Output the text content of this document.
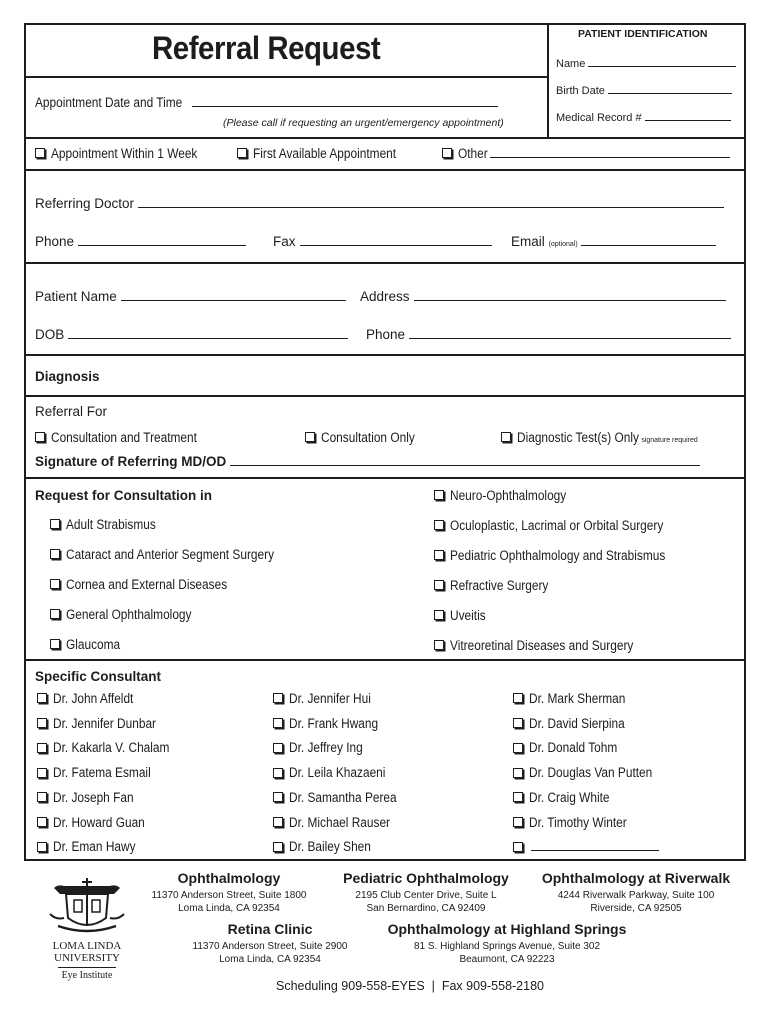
Referral Request
Appointment Date and Time
(Please call if requesting an urgent/emergency appointment)
PATIENT IDENTIFICATION
Name
Birth Date
Medical Record #
Appointment Within 1 Week	First Available Appointment	Other
Referring Doctor
Phone	Fax	Email (optional)
Patient Name	Address
DOB	Phone
Diagnosis
Referral For
Consultation and Treatment	Consultation Only	Diagnostic Test(s) Only signature required
Signature of Referring MD/OD
Request for Consultation in
Adult Strabismus
Cataract and Anterior Segment Surgery
Cornea and External Diseases
General Ophthalmology
Glaucoma
Neuro-Ophthalmology
Oculoplastic, Lacrimal or Orbital Surgery
Pediatric Ophthalmology and Strabismus
Refractive Surgery
Uveitis
Vitreoretinal Diseases and Surgery
Specific Consultant
Dr. John Affeldt
Dr. Jennifer Dunbar
Dr. Kakarla V. Chalam
Dr. Fatema Esmail
Dr. Joseph Fan
Dr. Howard Guan
Dr. Eman Hawy
Dr. Jennifer Hui
Dr. Frank Hwang
Dr. Jeffrey Ing
Dr. Leila Khazaeni
Dr. Samantha Perea
Dr. Michael Rauser
Dr. Bailey Shen
Dr. Mark Sherman
Dr. David Sierpina
Dr. Donald Tohm
Dr. Douglas Van Putten
Dr. Craig White
Dr. Timothy Winter
LOMA LINDA
UNIVERSITY
Eye Institute
Ophthalmology
11370 Anderson Street, Suite 1800
Loma Linda, CA 92354
Pediatric Ophthalmology
2195 Club Center Drive, Suite L
San Bernardino, CA 92409
Ophthalmology at Riverwalk
4244 Riverwalk Parkway, Suite 100
Riverside, CA 92505
Retina Clinic
11370 Anderson Street, Suite 2900
Loma Linda, CA 92354
Ophthalmology at Highland Springs
81 S. Highland Springs Avenue, Suite 302
Beaumont, CA 92223
Scheduling 909-558-EYES  |  Fax 909-558-2180
